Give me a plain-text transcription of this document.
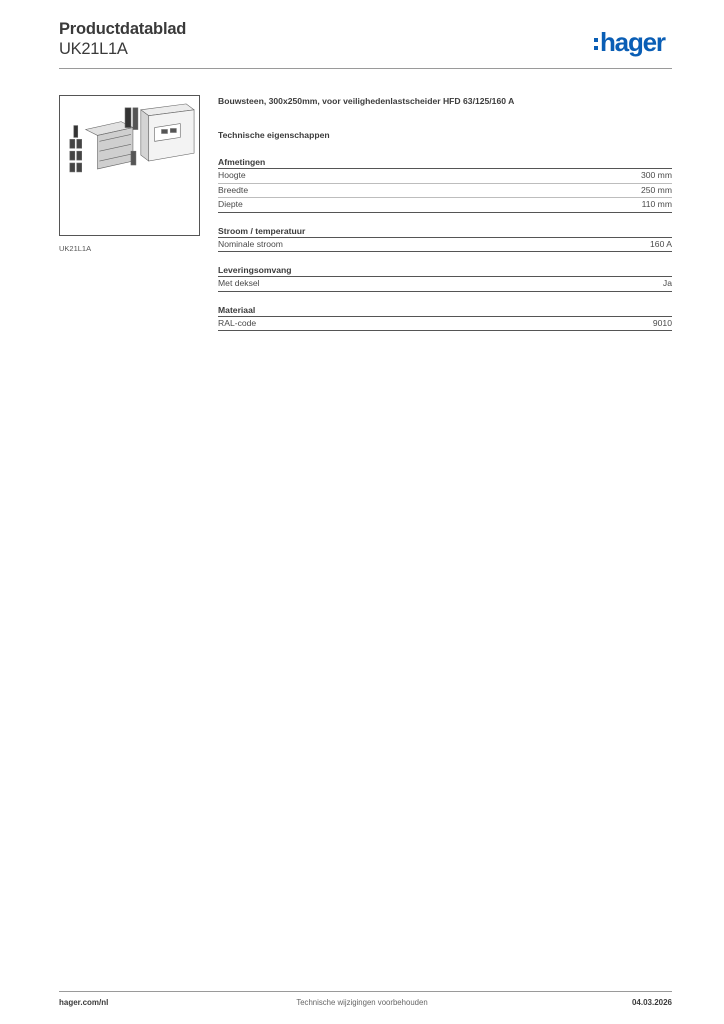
Productdatablad
UK21L1A	hager
UK21L1A
Bouwsteen, 300x250mm, voor veilighedenlastscheider HFD 63/125/160 A
Technische eigenschappen
Afmetingen
Hoogte	300 mm
Breedte	250 mm
Diepte	110 mm
Stroom / temperatuur
Nominale stroom	160 A
Leveringsomvang
Met deksel	Ja
Materiaal
RAL-code	9010
hager.com/nl	Technische wijzigingen voorbehouden	04.03.2026
